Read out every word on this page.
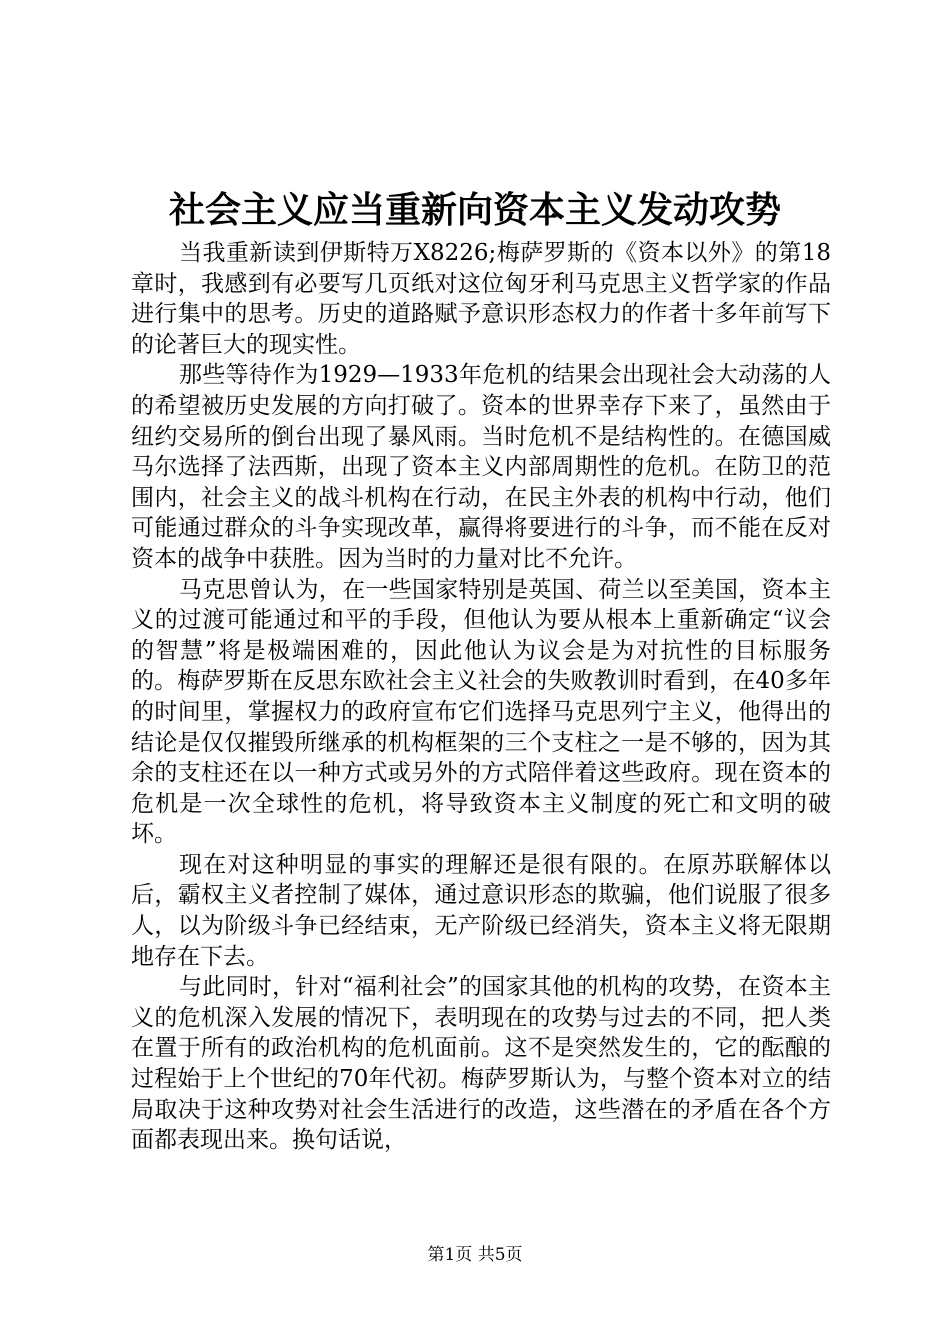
社会主义应当重新向资本主义发动攻势

当我重新读到伊斯特万X8226;梅萨罗斯的《资本以外》的第18章时，我感到有必要写几页纸对这位匈牙利马克思主义哲学家的作品进行集中的思考。历史的道路赋予意识形态权力的作者十多年前写下的论著巨大的现实性。

那些等待作为1929—1933年危机的结果会出现社会大动荡的人的希望被历史发展的方向打破了。资本的世界幸存下来了，虽然由于纽约交易所的倒台出现了暴风雨。当时危机不是结构性的。在德国威马尔选择了法西斯，出现了资本主义内部周期性的危机。在防卫的范围内，社会主义的战斗机构在行动，在民主外表的机构中行动，他们可能通过群众的斗争实现改革，赢得将要进行的斗争，而不能在反对资本的战争中获胜。因为当时的力量对比不允许。

马克思曾认为，在一些国家特别是英国、荷兰以至美国，资本主义的过渡可能通过和平的手段，但他认为要从根本上重新确定“议会的智慧”将是极端困难的，因此他认为议会是为对抗性的目标服务的。梅萨罗斯在反思东欧社会主义社会的失败教训时看到，在40多年的时间里，掌握权力的政府宣布它们选择马克思列宁主义，他得出的结论是仅仅摧毁所继承的机构框架的三个支柱之一是不够的，因为其余的支柱还在以一种方式或另外的方式陪伴着这些政府。现在资本的危机是一次全球性的危机，将导致资本主义制度的死亡和文明的破坏。

现在对这种明显的事实的理解还是很有限的。在原苏联解体以后，霸权主义者控制了媒体，通过意识形态的欺骗，他们说服了很多人，以为阶级斗争已经结束，无产阶级已经消失，资本主义将无限期地存在下去。

与此同时，针对“福利社会”的国家其他的机构的攻势，在资本主义的危机深入发展的情况下，表明现在的攻势与过去的不同，把人类在置于所有的政治机构的危机面前。这不是突然发生的，它的酝酿的过程始于上个世纪的70年代初。梅萨罗斯认为，与整个资本对立的结局取决于这种攻势对社会生活进行的改造，这些潜在的矛盾在各个方面都表现出来。换句话说，

第1页 共5页
